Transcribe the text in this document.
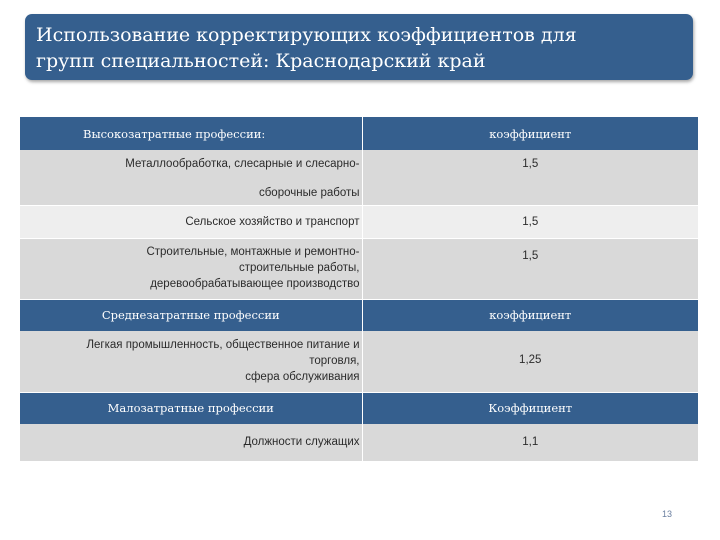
Использование корректирующих коэффициентов для
групп специальностей: Краснодарский край
Высокозатратные профессии:	коэффициент

Металлообработка, слесарные и слесарно-
сборочные работы	1,5

Сельское хозяйство и транспорт	1,5

Строительные, монтажные и ремонтно-
строительные работы,
деревообрабатывающее производство	1,5
Среднезатратные профессии	коэффициент

Легкая промышленность, общественное питание и
торговля,
сфера обслуживания	1,25
Малозатратные профессии	Коэффициент

Должности служащих	1,1
13
